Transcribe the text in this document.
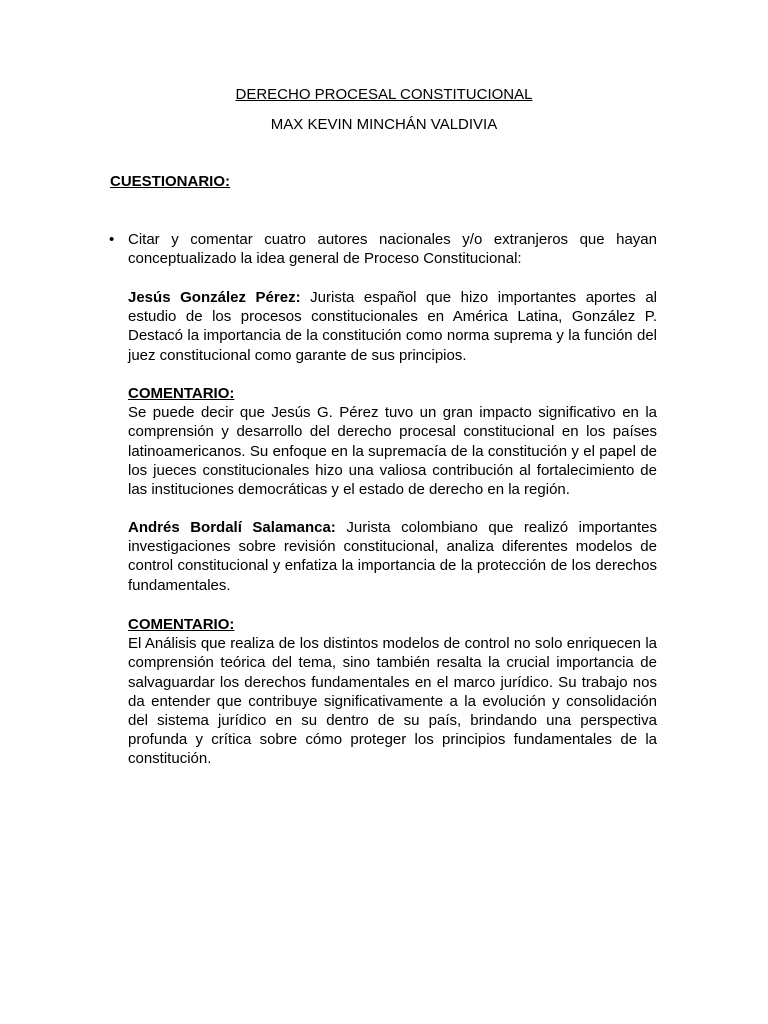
DERECHO PROCESAL CONSTITUCIONAL
MAX KEVIN MINCHÁN VALDIVIA
CUESTIONARIO:
• Citar y comentar cuatro autores nacionales y/o extranjeros que hayan conceptualizado la idea general de Proceso Constitucional:
Jesús González Pérez: Jurista español que hizo importantes aportes al estudio de los procesos constitucionales en América Latina, González P. Destacó la importancia de la constitución como norma suprema y la función del juez constitucional como garante de sus principios.
COMENTARIO:
Se puede decir que Jesús G. Pérez tuvo un gran impacto significativo en la comprensión y desarrollo del derecho procesal constitucional en los países latinoamericanos. Su enfoque en la supremacía de la constitución y el papel de los jueces constitucionales hizo una valiosa contribución al fortalecimiento de las instituciones democráticas y el estado de derecho en la región.
Andrés Bordalí Salamanca: Jurista colombiano que realizó importantes investigaciones sobre revisión constitucional, analiza diferentes modelos de control constitucional y enfatiza la importancia de la protección de los derechos fundamentales.
COMENTARIO:
El Análisis que realiza de los distintos modelos de control no solo enriquecen la comprensión teórica del tema, sino también resalta la crucial importancia de salvaguardar los derechos fundamentales en el marco jurídico. Su trabajo nos da entender que contribuye significativamente a la evolución y consolidación del sistema jurídico en su dentro de su país, brindando una perspectiva profunda y crítica sobre cómo proteger los principios fundamentales de la constitución.
